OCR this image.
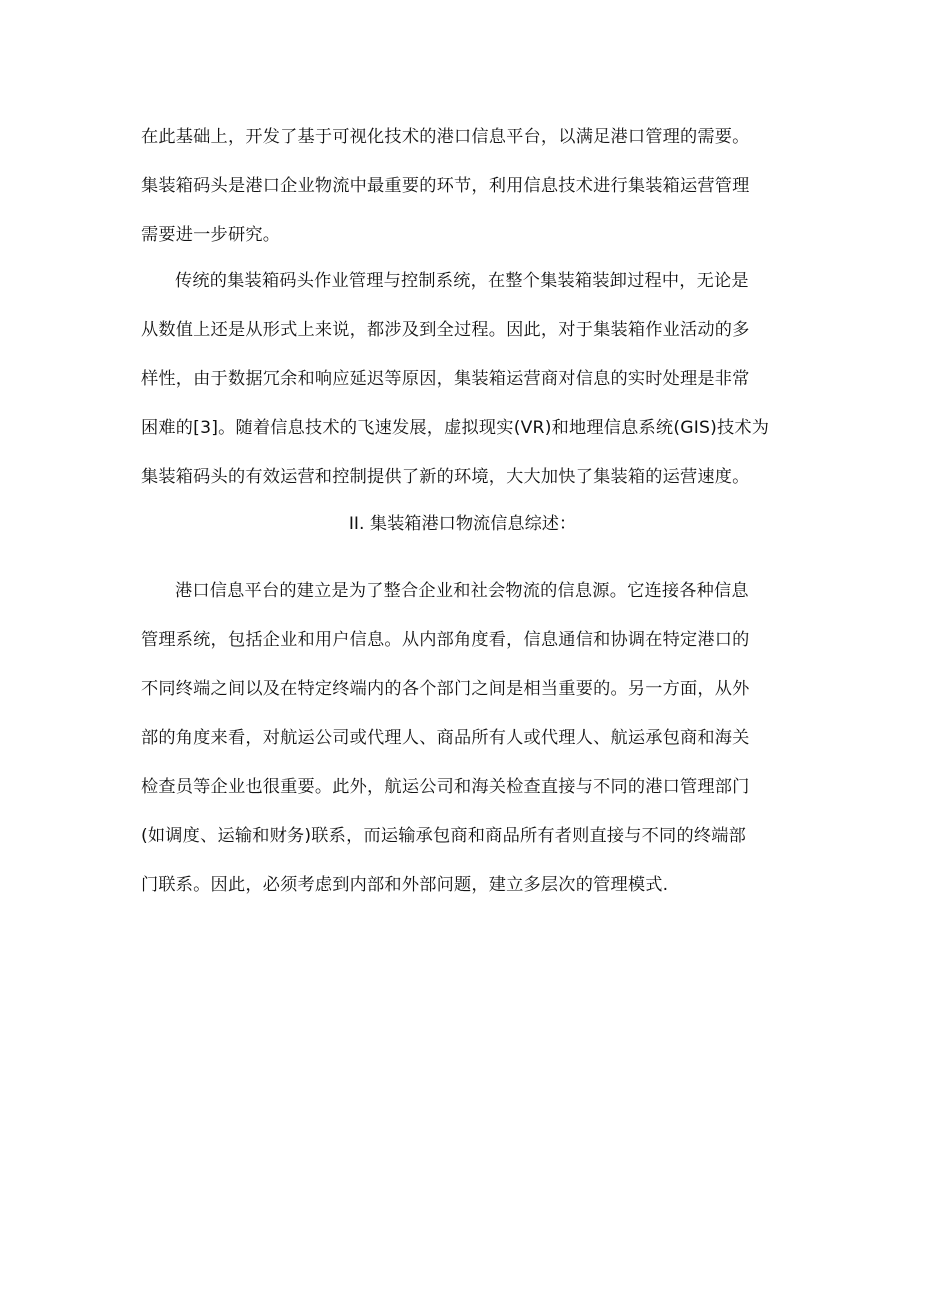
在此基础上，开发了基于可视化技术的港口信息平台，以满足港口管理的需要。
集装箱码头是港口企业物流中最重要的环节，利用信息技术进行集装箱运营管理
需要进一步研究。
传统的集装箱码头作业管理与控制系统，在整个集装箱装卸过程中，无论是
从数值上还是从形式上来说，都涉及到全过程。因此，对于集装箱作业活动的多
样性，由于数据冗余和响应延迟等原因，集装箱运营商对信息的实时处理是非常
困难的[3]。随着信息技术的飞速发展，虚拟现实(VR)和地理信息系统(GIS)技术为
集装箱码头的有效运营和控制提供了新的环境，大大加快了集装箱的运营速度。
II. 集装箱港口物流信息综述：
港口信息平台的建立是为了整合企业和社会物流的信息源。它连接各种信息
管理系统，包括企业和用户信息。从内部角度看，信息通信和协调在特定港口的
不同终端之间以及在特定终端内的各个部门之间是相当重要的。另一方面，从外
部的角度来看，对航运公司或代理人、商品所有人或代理人、航运承包商和海关
检查员等企业也很重要。此外，航运公司和海关检查直接与不同的港口管理部门
(如调度、运输和财务)联系，而运输承包商和商品所有者则直接与不同的终端部
门联系。因此，必须考虑到内部和外部问题，建立多层次的管理模式.
